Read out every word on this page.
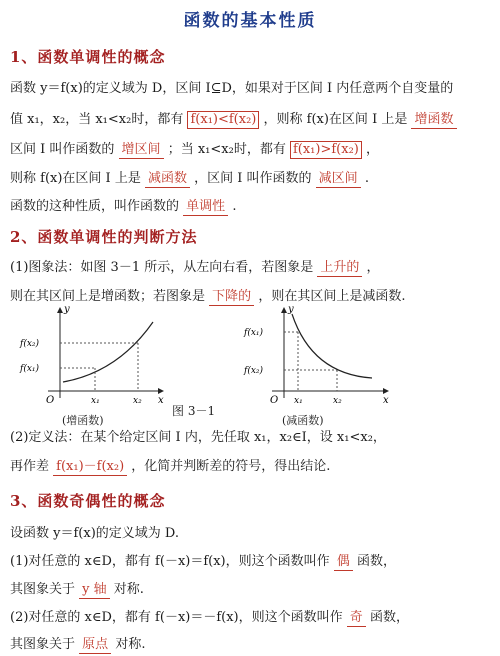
函数的基本性质
1、函数单调性的概念
函数 y＝f(x)的定义域为 D，区间 I⊆D，如果对于区间 I 内任意两个自变量的
值 x₁，x₂，当 x₁<x₂时，都有 f(x₁)<f(x₂) ，则称 f(x)在区间 I 上是 增函数
区间 I 叫作函数的 增区间 ；当 x₁<x₂时，都有 f(x₁)>f(x₂) ，
则称 f(x)在区间 I 上是 减函数 ，区间 I 叫作函数的 减区间 .
函数的这种性质，叫作函数的 单调性 .
2、函数单调性的判断方法
(1)图象法：如图 3－1 所示，从左向右看，若图象是 上升的 ，
则在其区间上是增函数；若图象是 下降的 ，则在其区间上是减函数.
y
x
O
f(x₂)
f(x₁)
x₁	x₂
y
x
O
f(x₁)
f(x₂)
x₁	x₂
(增函数)
图 3－1
(减函数)
(2)定义法：在某个给定区间 I 内，先任取 x₁，x₂∈I，设 x₁<x₂，
再作差 f(x₁)－f(x₂) ，化简并判断差的符号，得出结论.
3、函数奇偶性的概念
设函数 y＝f(x)的定义域为 D.
(1)对任意的 x∈D，都有 f(－x)＝f(x)，则这个函数叫作 偶 函数，
其图象关于 y 轴 对称.
(2)对任意的 x∈D，都有 f(－x)＝－f(x)，则这个函数叫作 奇 函数，
其图象关于 原点 对称.
